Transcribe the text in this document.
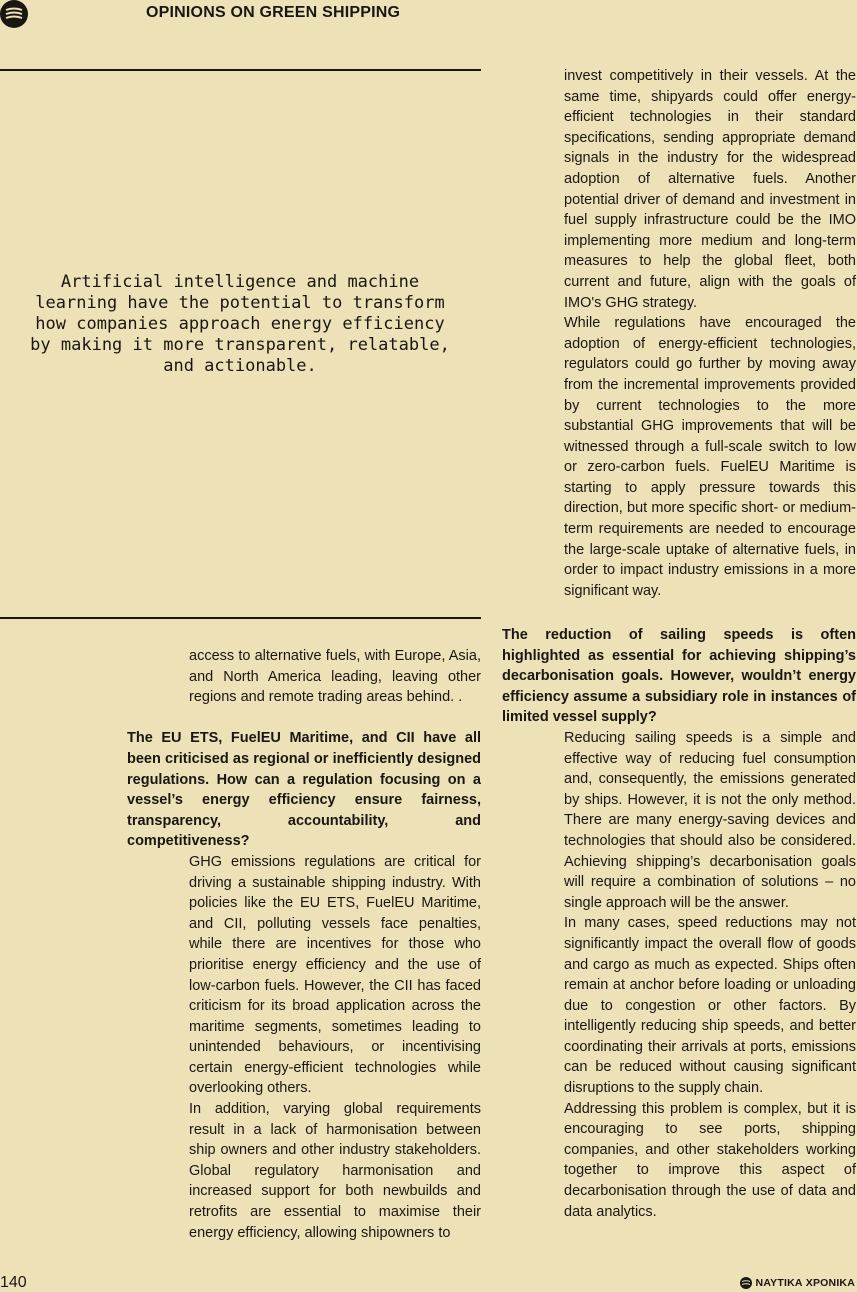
OPINIONS ON GREEN SHIPPING
Artificial intelligence and machine learning have the potential to transform how companies approach energy efficiency by making it more transparent, relatable, and actionable.

access to alternative fuels, with Europe, Asia, and North America leading, leaving other regions and remote trading areas behind. .

The EU ETS, FuelEU Maritime, and CII have all been criticised as regional or inefficiently designed regulations. How can a regulation focusing on a vessel’s energy efficiency ensure fairness, transparency, accountability, and competitiveness?

GHG emissions regulations are critical for driving a sustainable shipping industry. With policies like the EU ETS, FuelEU Maritime, and CII, polluting vessels face penalties, while there are incentives for those who prioritise energy efficiency and the use of low-carbon fuels. However, the CII has faced criticism for its broad application across the maritime segments, sometimes leading to unintended behaviours, or incentivising certain energy-efficient technologies while overlooking others.

In addition, varying global requirements result in a lack of harmonisation between ship owners and other industry stakeholders. Global regulatory harmonisation and increased support for both newbuilds and retrofits are essential to maximise their energy efficiency, allowing shipowners to

invest competitively in their vessels. At the same time, shipyards could offer energy-efficient technologies in their standard specifications, sending appropriate demand signals in the industry for the widespread adoption of alternative fuels. Another potential driver of demand and investment in fuel supply infrastructure could be the IMO implementing more medium and long-term measures to help the global fleet, both current and future, align with the goals of IMO's GHG strategy.

While regulations have encouraged the adoption of energy-efficient technologies, regulators could go further by moving away from the incremental improvements provided by current technologies to the more substantial GHG improvements that will be witnessed through a full-scale switch to low or zero-carbon fuels. FuelEU Maritime is starting to apply pressure towards this direction, but more specific short- or medium-term requirements are needed to encourage the large-scale uptake of alternative fuels, in order to impact industry emissions in a more significant way.

The reduction of sailing speeds is often highlighted as essential for achieving shipping’s decarbonisation goals. However, wouldn’t energy efficiency assume a subsidiary role in instances of limited vessel supply?

Reducing sailing speeds is a simple and effective way of reducing fuel consumption and, consequently, the emissions generated by ships. However, it is not the only method. There are many energy-saving devices and technologies that should also be considered. Achieving shipping’s decarbonisation goals will require a combination of solutions – no single approach will be the answer.

In many cases, speed reductions may not significantly impact the overall flow of goods and cargo as much as expected. Ships often remain at anchor before loading or unloading due to congestion or other factors. By intelligently reducing ship speeds, and better coordinating their arrivals at ports, emissions can be reduced without causing significant disruptions to the supply chain.

Addressing this problem is complex, but it is encouraging to see ports, shipping companies, and other stakeholders working together to improve this aspect of decarbonisation through the use of data and data analytics.

140	ΝΑΥΤΙΚΑ ΧΡΟΝΙΚΑ
